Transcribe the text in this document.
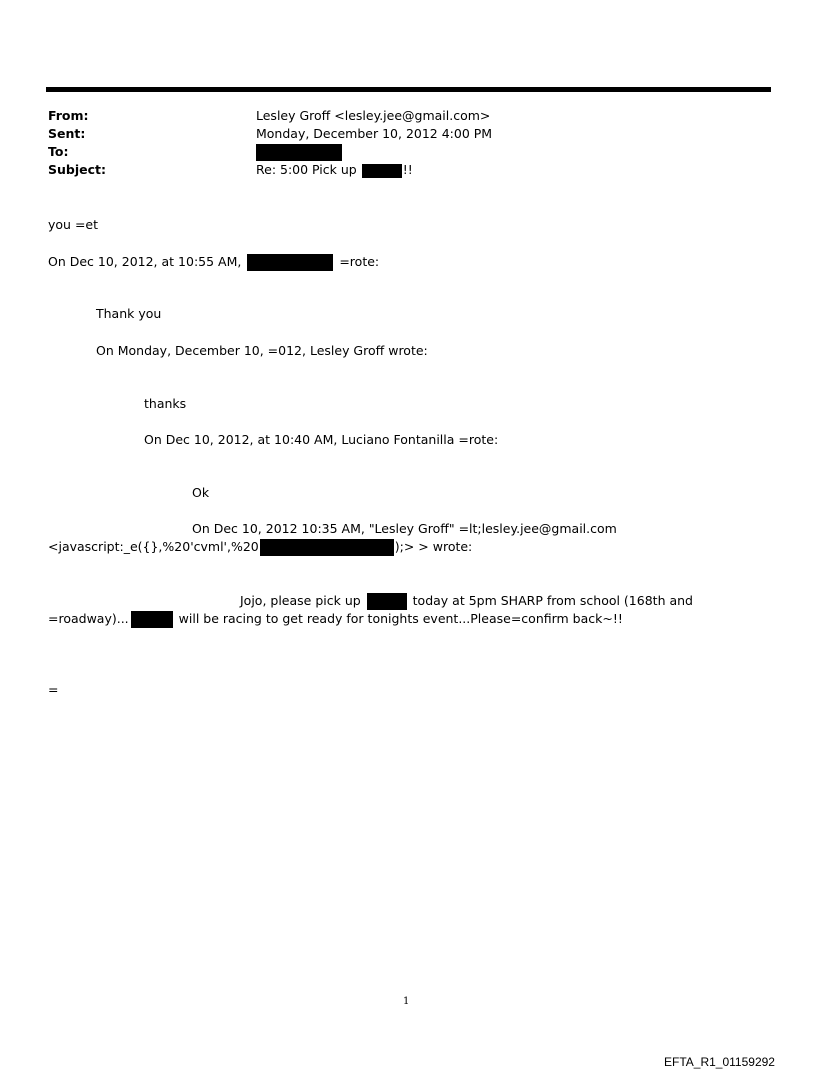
From:	Lesley Groff <lesley.jee@gmail.com>
Sent:	Monday, December 10, 2012 4:00 PM
To:
Subject:	Re: 5:00 Pick up	!!
you =et
On Dec 10, 2012, at 10:55 AM,	=rote:
Thank you
On Monday, December 10, =012, Lesley Groff wrote:
thanks
On Dec 10, 2012, at 10:40 AM, Luciano Fontanilla =rote:
Ok
On Dec 10, 2012 10:35 AM, "Lesley Groff" =lt;lesley.jee@gmail.com
<javascript:_e({},%20'cvml',%20	);> > wrote:
Jojo, please pick up	today at 5pm SHARP from school (168th and
=roadway)...	will be racing to get ready for tonights event...Please=confirm back~!!
=
1
EFTA_R1_01159292
